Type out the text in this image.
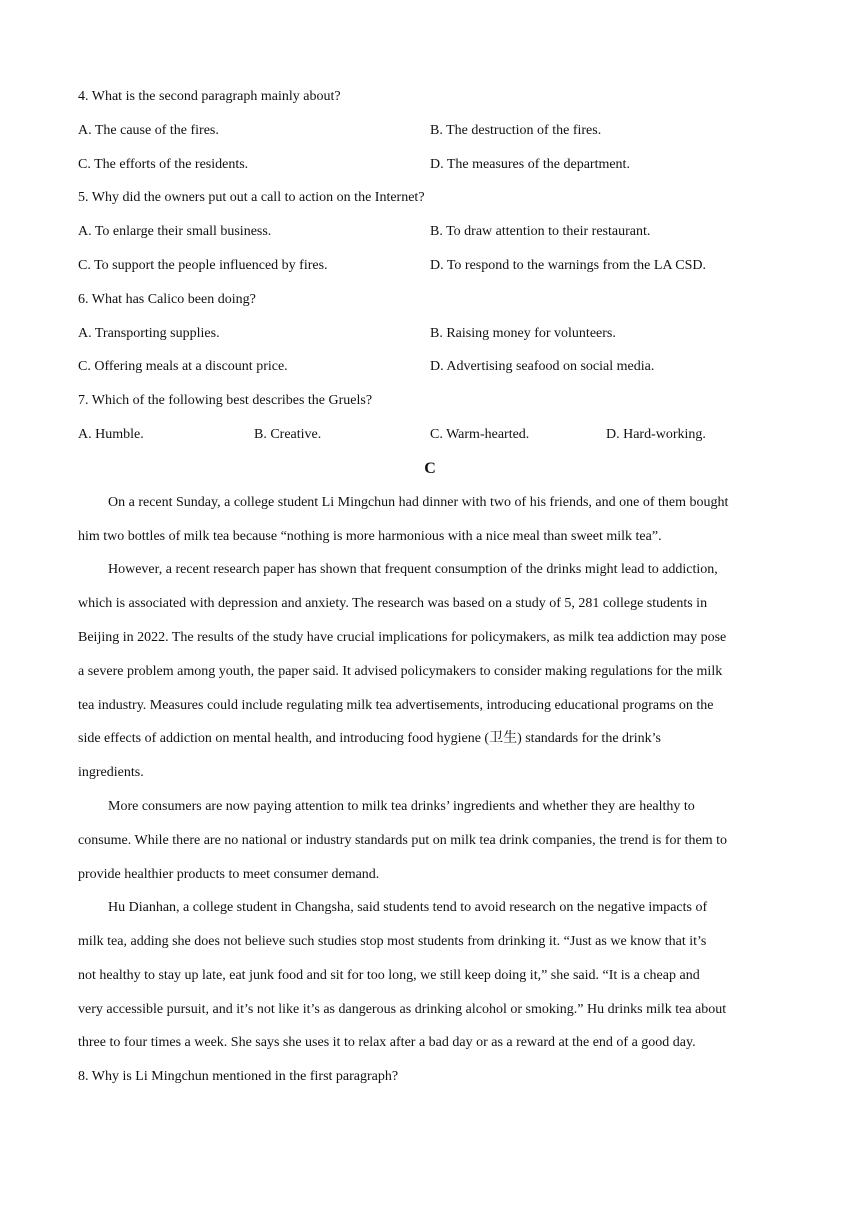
4. What is the second paragraph mainly about?
A. The cause of the fires.	B. The destruction of the fires.
C. The efforts of the residents.	D. The measures of the department.
5. Why did the owners put out a call to action on the Internet?
A. To enlarge their small business.	B. To draw attention to their restaurant.
C. To support the people influenced by fires.	D. To respond to the warnings from the LA CSD.
6. What has Calico been doing?
A. Transporting supplies.	B. Raising money for volunteers.
C. Offering meals at a discount price.	D. Advertising seafood on social media.
7. Which of the following best describes the Gruels?
A. Humble.	B. Creative.	C. Warm-hearted.	D. Hard-working.
C
On a recent Sunday, a college student Li Mingchun had dinner with two of his friends, and one of them bought
him two bottles of milk tea because “nothing is more harmonious with a nice meal than sweet milk tea”.
However, a recent research paper has shown that frequent consumption of the drinks might lead to addiction,
which is associated with depression and anxiety. The research was based on a study of 5, 281 college students in
Beijing in 2022. The results of the study have crucial implications for policymakers, as milk tea addiction may pose
a severe problem among youth, the paper said. It advised policymakers to consider making regulations for the milk
tea industry. Measures could include regulating milk tea advertisements, introducing educational programs on the
side effects of addiction on mental health, and introducing food hygiene (卫生) standards for the drink’s
ingredients.
More consumers are now paying attention to milk tea drinks’ ingredients and whether they are healthy to
consume. While there are no national or industry standards put on milk tea drink companies, the trend is for them to
provide healthier products to meet consumer demand.
Hu Dianhan, a college student in Changsha, said students tend to avoid research on the negative impacts of
milk tea, adding she does not believe such studies stop most students from drinking it. “Just as we know that it’s
not healthy to stay up late, eat junk food and sit for too long, we still keep doing it,” she said. “It is a cheap and
very accessible pursuit, and it’s not like it’s as dangerous as drinking alcohol or smoking.” Hu drinks milk tea about
three to four times a week. She says she uses it to relax after a bad day or as a reward at the end of a good day.
8. Why is Li Mingchun mentioned in the first paragraph?
